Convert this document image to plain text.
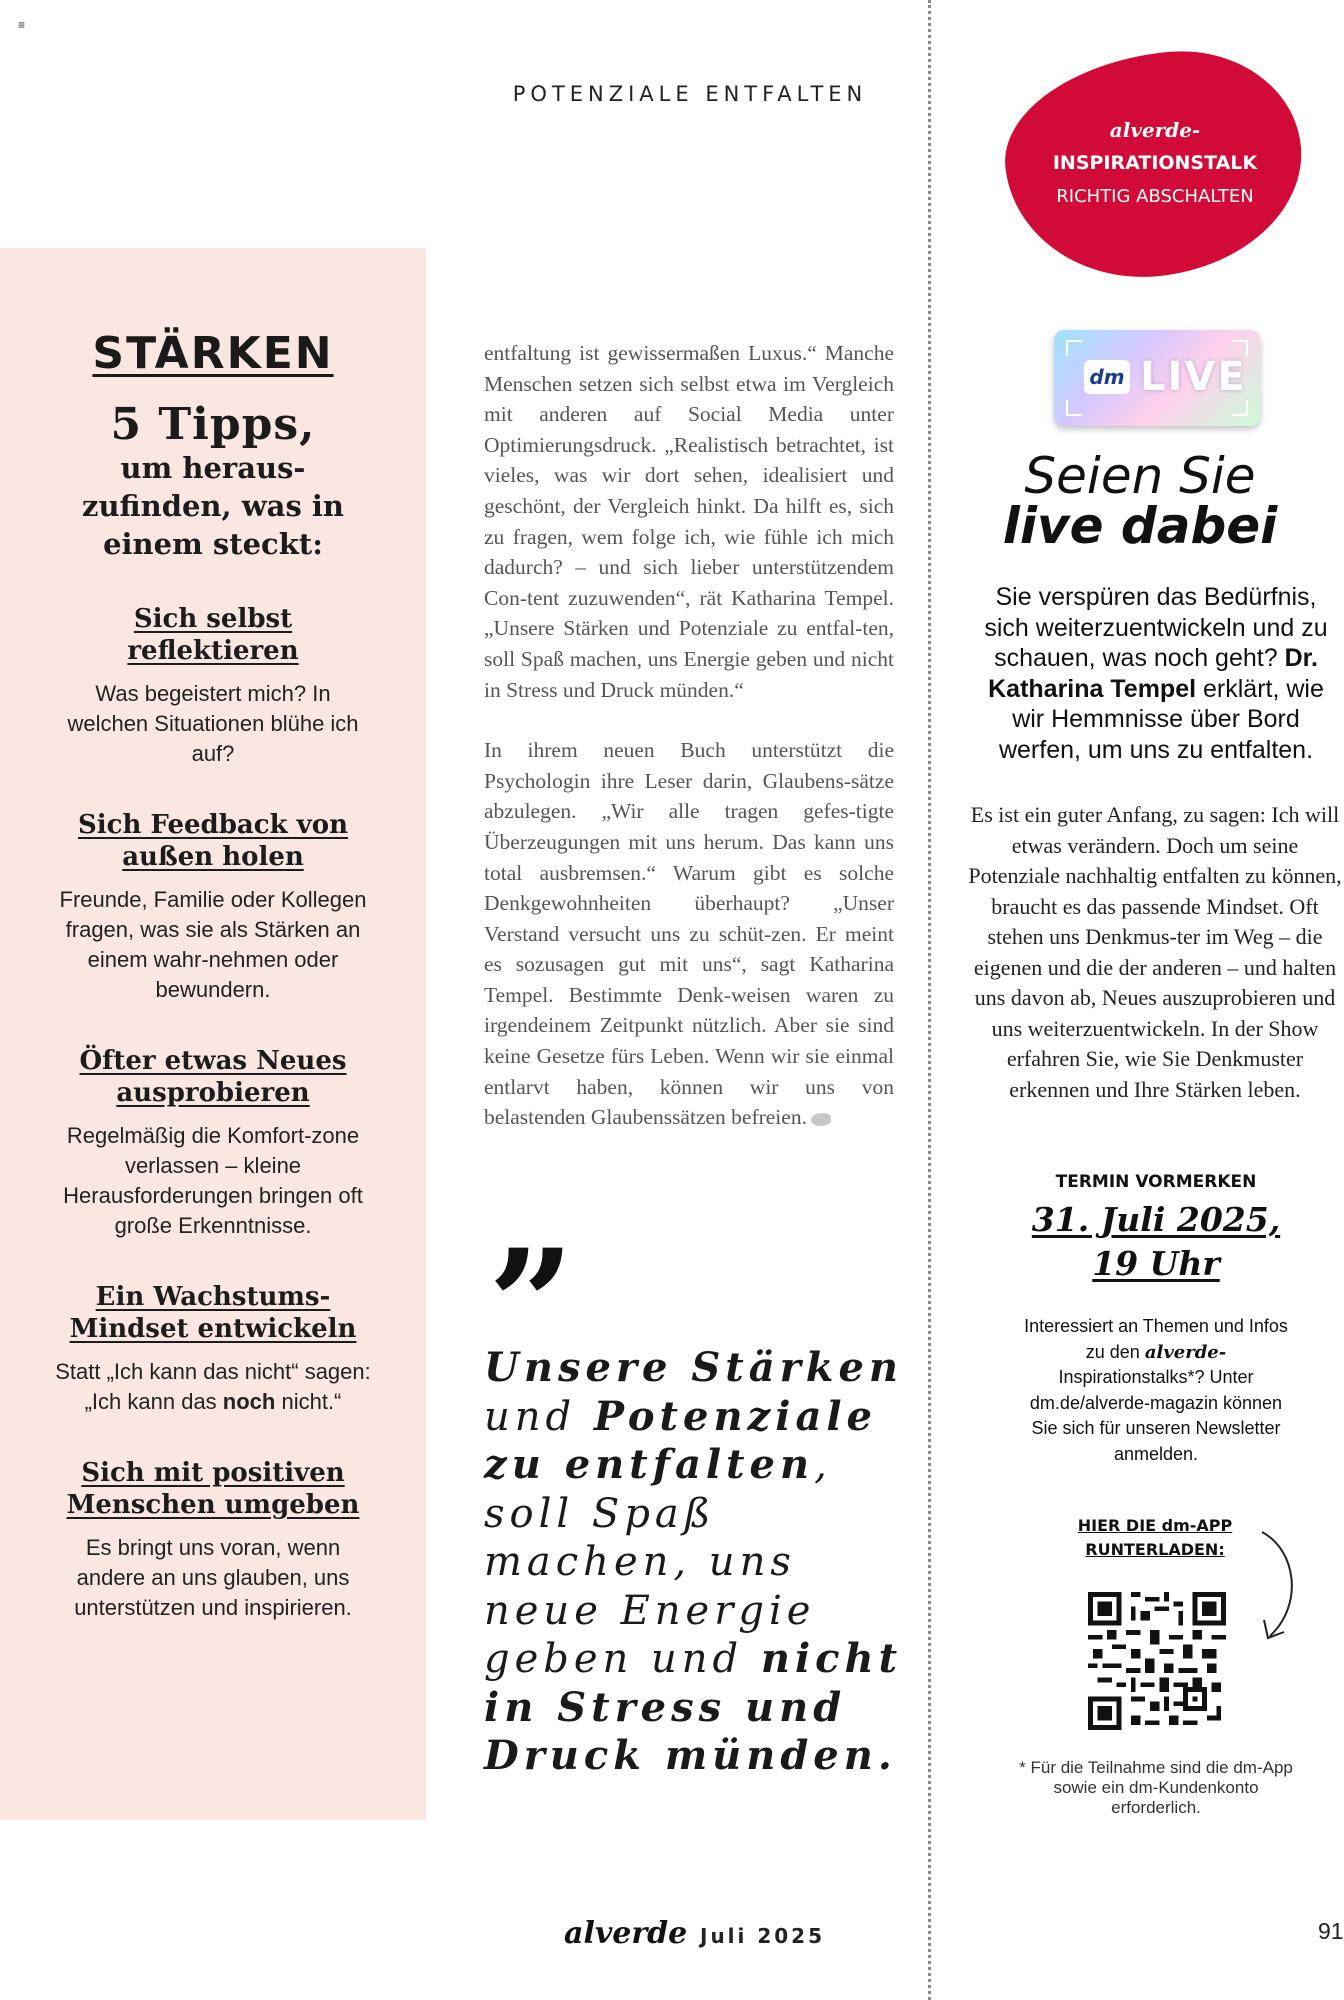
≡
POTENZIALE ENTFALTEN
STÄRKEN
5 Tipps,
um heraus-zufinden, was in einem steckt:
Sich selbst reflektieren
Was begeistert mich? In welchen Situationen blühe ich auf?
Sich Feedback von außen holen
Freunde, Familie oder Kollegen fragen, was sie als Stärken an einem wahr-nehmen oder bewundern.
Öfter etwas Neues ausprobieren
Regelmäßig die Komfort-zone verlassen – kleine Herausforderungen bringen oft große Erkenntnisse.
Ein Wachstums-Mindset entwickeln
Statt „Ich kann das nicht“ sagen: „Ich kann das noch nicht.“
Sich mit positiven Menschen umgeben
Es bringt uns voran, wenn andere an uns glauben, uns unterstützen und inspirieren.

entfaltung ist gewissermaßen Luxus.“ Manche Menschen setzen sich selbst etwa im Vergleich mit anderen auf Social Media unter Optimierungsdruck. „Realistisch betrachtet, ist vieles, was wir dort sehen, idealisiert und geschönt, der Vergleich hinkt. Da hilft es, sich zu fragen, wem folge ich, wie fühle ich mich dadurch? – und sich lieber unterstützendem Con-tent zuzuwenden“, rät Katharina Tempel. „Unsere Stärken und Potenziale zu entfal-ten, soll Spaß machen, uns Energie geben und nicht in Stress und Druck münden.“

In ihrem neuen Buch unterstützt die Psychologin ihre Leser darin, Glaubens-sätze abzulegen. „Wir alle tragen gefes-tigte Überzeugungen mit uns herum. Das kann uns total ausbremsen.“ Warum gibt es solche Denkgewohnheiten überhaupt? „Unser Verstand versucht uns zu schüt-zen. Er meint es sozusagen gut mit uns“, sagt Katharina Tempel. Bestimmte Denk-weisen waren zu irgendeinem Zeitpunkt nützlich. Aber sie sind keine Gesetze fürs Leben. Wenn wir sie einmal entlarvt haben, können wir uns von belastenden Glaubenssätzen befreien.

”
Unsere Stärken und Potenziale zu entfalten, soll Spaß machen, uns neue Energie geben und nicht in Stress und Druck münden.
alverde-
INSPIRATIONSTALK
RICHTIG ABSCHALTEN
dm LIVE
Seien Sie
live dabei
Sie verspüren das Bedürfnis, sich weiterzuentwickeln und zu schauen, was noch geht? Dr. Katharina Tempel erklärt, wie wir Hemmnisse über Bord werfen, um uns zu entfalten.
Es ist ein guter Anfang, zu sagen: Ich will etwas verändern. Doch um seine Potenziale nachhaltig entfalten zu können, braucht es das passende Mindset. Oft stehen uns Denkmus-ter im Weg – die eigenen und die der anderen – und halten uns davon ab, Neues auszuprobieren und uns weiterzuentwickeln. In der Show erfahren Sie, wie Sie Denkmuster erkennen und Ihre Stärken leben.
TERMIN VORMERKEN
31. Juli 2025,
19 Uhr
Interessiert an Themen und Infos zu den alverde-Inspirationstalks*? Unter dm.de/alverde-magazin können Sie sich für unseren Newsletter anmelden.
HIER DIE dm-APP RUNTERLADEN:
* Für die Teilnahme sind die dm-App sowie ein dm-Kundenkonto erforderlich.
alverde Juli 2025	91
